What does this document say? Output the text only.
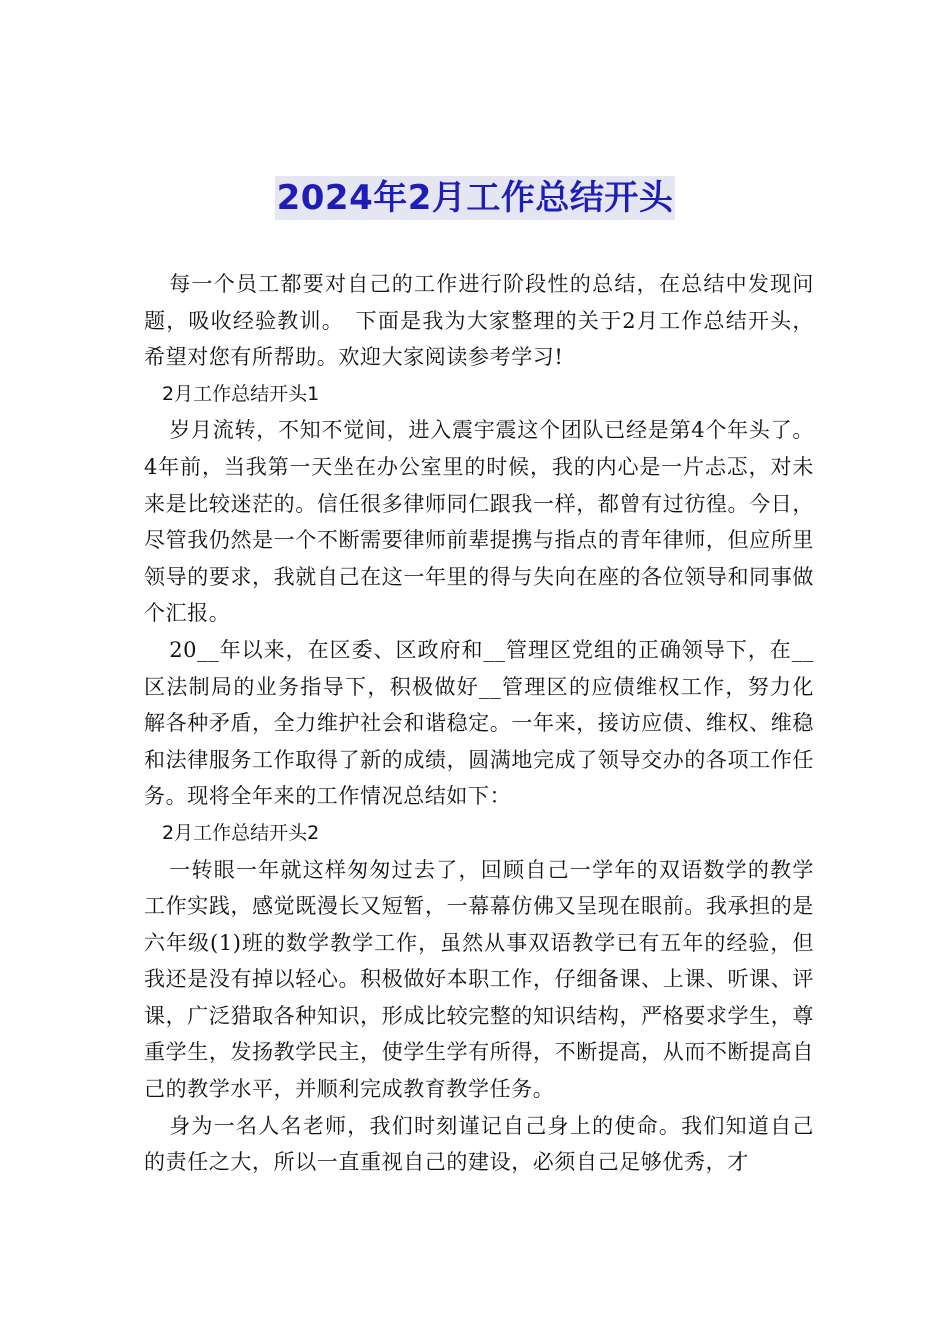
2024年2月工作总结开头

每一个员工都要对自己的工作进行阶段性的总结，在总结中发现问题，吸收经验教训。　下面是我为大家整理的关于2月工作总结开头，希望对您有所帮助。欢迎大家阅读参考学习!

2月工作总结开头1

岁月流转，不知不觉间，进入震宇震这个团队已经是第4个年头了。4年前，当我第一天坐在办公室里的时候，我的内心是一片忐忑，对未来是比较迷茫的。信任很多律师同仁跟我一样，都曾有过彷徨。今日，尽管我仍然是一个不断需要律师前辈提携与指点的青年律师，但应所里领导的要求，我就自己在这一年里的得与失向在座的各位领导和同事做个汇报。

20__年以来，在区委、区政府和__管理区党组的正确领导下，在__区法制局的业务指导下，积极做好__管理区的应债维权工作，努力化解各种矛盾，全力维护社会和谐稳定。一年来，接访应债、维权、维稳和法律服务工作取得了新的成绩，圆满地完成了领导交办的各项工作任务。现将全年来的工作情况总结如下：

2月工作总结开头2

一转眼一年就这样匆匆过去了，回顾自己一学年的双语数学的教学工作实践，感觉既漫长又短暂，一幕幕仿佛又呈现在眼前。我承担的是六年级(1)班的数学教学工作，虽然从事双语教学已有五年的经验，但我还是没有掉以轻心。积极做好本职工作，仔细备课、上课、听课、评课，广泛猎取各种知识，形成比较完整的知识结构，严格要求学生，尊重学生，发扬教学民主，使学生学有所得，不断提高，从而不断提高自己的教学水平，并顺利完成教育教学任务。

身为一名人名老师，我们时刻谨记自己身上的使命。我们知道自己的责任之大，所以一直重视自己的建设，必须自己足够优秀，才
